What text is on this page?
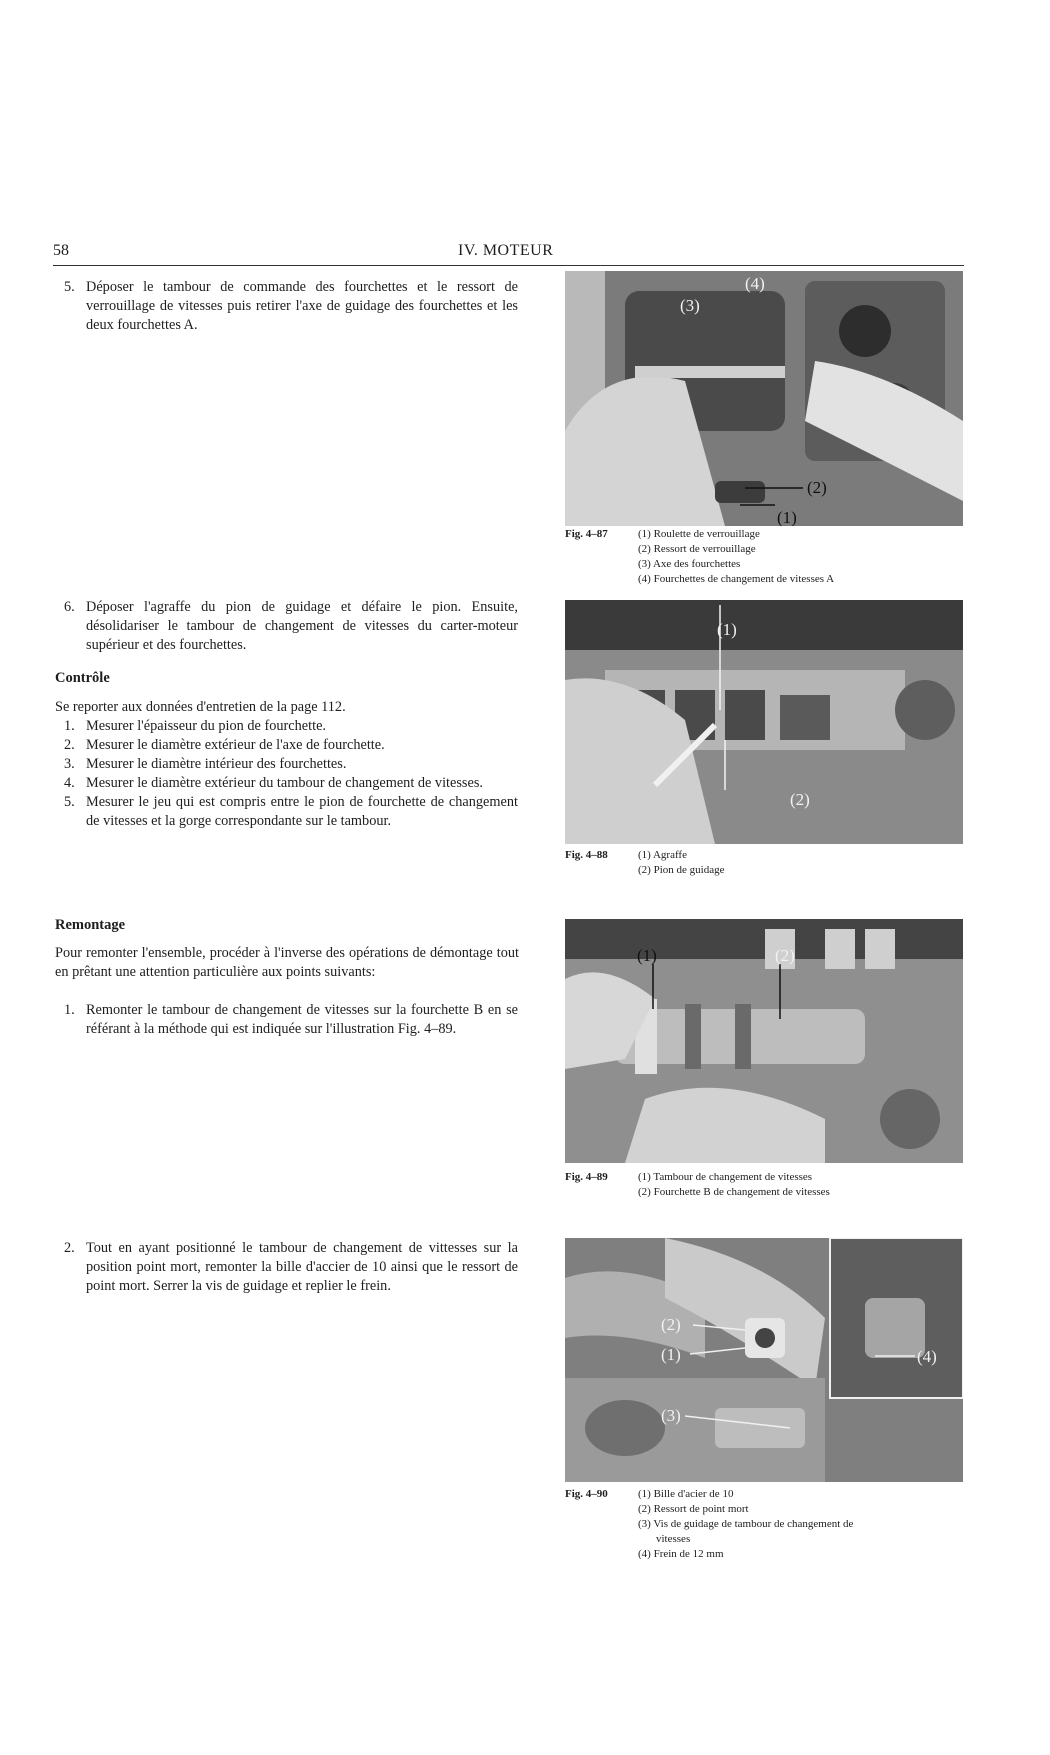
58	IV. MOTEUR
5. Déposer le tambour de commande des fourchettes et le ressort de verrouillage de vitesses puis retirer l'axe de guidage des fourchettes et les deux fourchettes A.
6. Déposer l'agraffe du pion de guidage et défaire le pion. Ensuite, désolidariser le tambour de changement de vitesses du carter-moteur supérieur et des fourchettes.
Contrôle
Se reporter aux données d'entretien de la page 112.
1. Mesurer l'épaisseur du pion de fourchette.
2. Mesurer le diamètre extérieur de l'axe de fourchette.
3. Mesurer le diamètre intérieur des fourchettes.
4. Mesurer le diamètre extérieur du tambour de changement de vitesses.
5. Mesurer le jeu qui est compris entre le pion de fourchette de changement de vitesses et la gorge correspondante sur le tambour.
Remontage
Pour remonter l'ensemble, procéder à l'inverse des opérations de démontage tout en prêtant une attention particulière aux points suivants:
1. Remonter le tambour de changement de vitesses sur la fourchette B en se référant à la méthode qui est indiquée sur l'illustration Fig. 4–89.
2. Tout en ayant positionné le tambour de changement de vittesses sur la position point mort, remonter la bille d'accier de 10 ainsi que le ressort de point mort. Serrer la vis de guidage et replier le frein.
(4)
(3)
(2)
(1)
Fig. 4–87	(1) Roulette de verrouillage
(2) Ressort de verrouillage
(3) Axe des fourchettes
(4) Fourchettes de changement de vitesses A
(1)
(2)
Fig. 4–88	(1) Agraffe
(2) Pion de guidage
(1)	(2)
Fig. 4–89	(1) Tambour de changement de vitesses
(2) Fourchette B de changement de vitesses
(2)
(1)
(3)
(4)
Fig. 4–90	(1) Bille d'acier de 10
(2) Ressort de point mort
(3) Vis de guidage de tambour de changement de
vitesses
(4) Frein de 12 mm
